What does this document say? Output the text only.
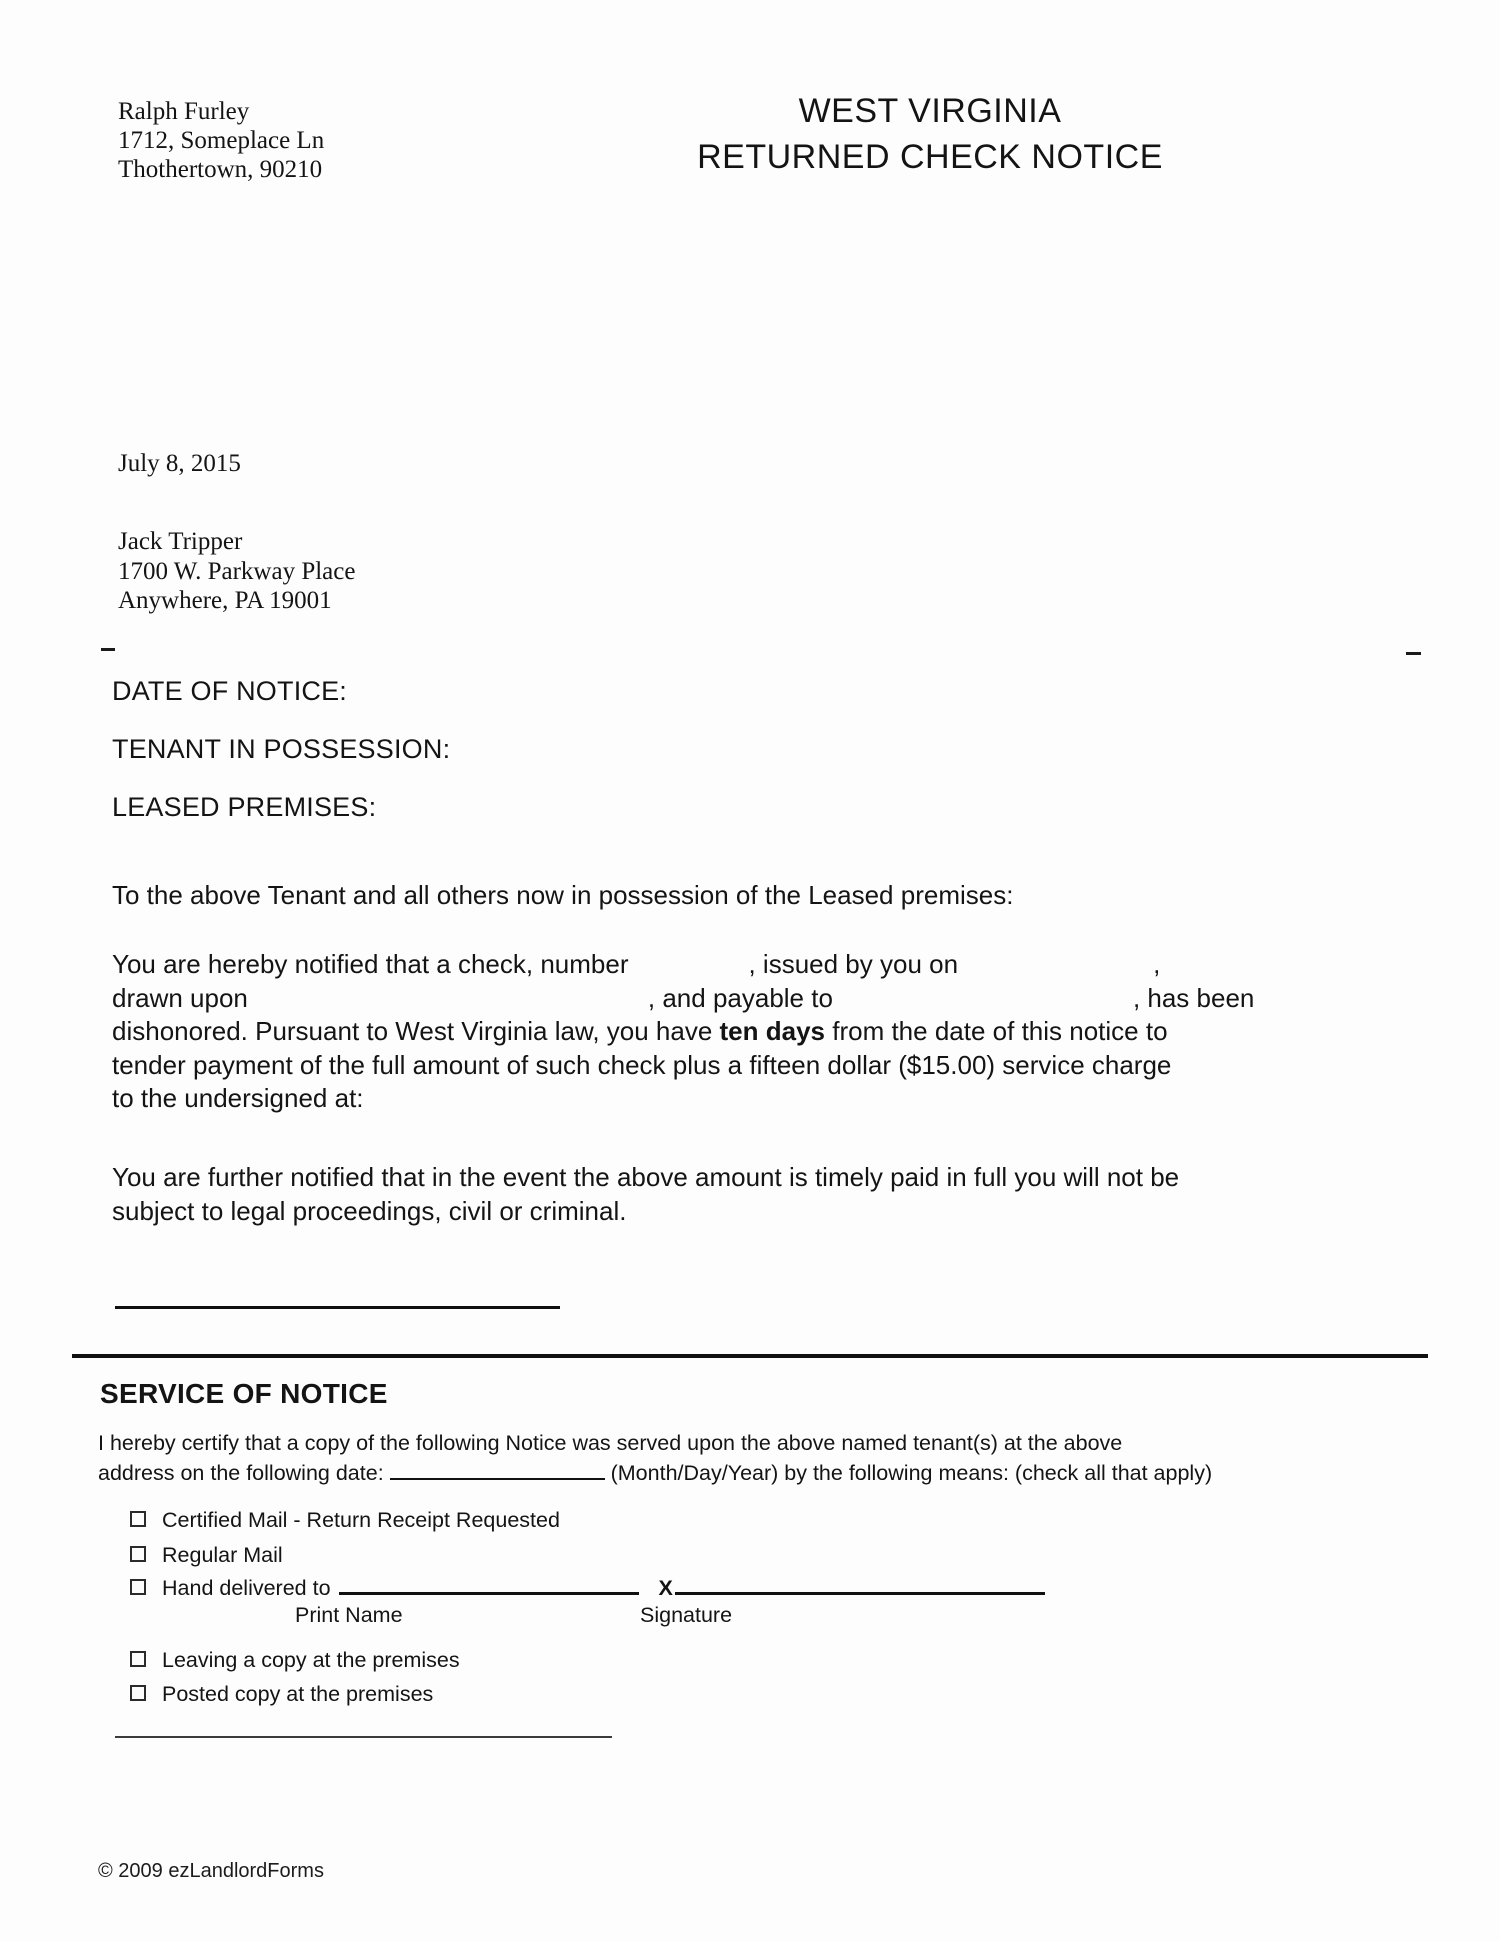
Ralph Furley
1712, Someplace Ln
Thothertown, 90210
WEST VIRGINIA
RETURNED CHECK NOTICE
July 8, 2015
Jack Tripper
1700 W. Parkway Place
Anywhere, PA 19001
DATE OF NOTICE:
TENANT IN POSSESSION:
LEASED PREMISES:
To the above Tenant and all others now in possession of the Leased premises:
You are hereby notified that a check, number	, issued by you on	,
drawn upon	, and payable to	, has been
dishonored. Pursuant to West Virginia law, you have ten days from the date of this notice to
tender payment of the full amount of such check plus a fifteen dollar ($15.00) service charge
to the undersigned at:
You are further notified that in the event the above amount is timely paid in full you will not be
subject to legal proceedings, civil or criminal.
SERVICE OF NOTICE
I hereby certify that a copy of the following Notice was served upon the above named tenant(s) at the above
address on the following date:	(Month/Day/Year) by the following means: (check all that apply)
Certified Mail - Return Receipt Requested
Regular Mail
Hand delivered to	X
Print Name	Signature
Leaving a copy at the premises
Posted copy at the premises
© 2009 ezLandlordForms
